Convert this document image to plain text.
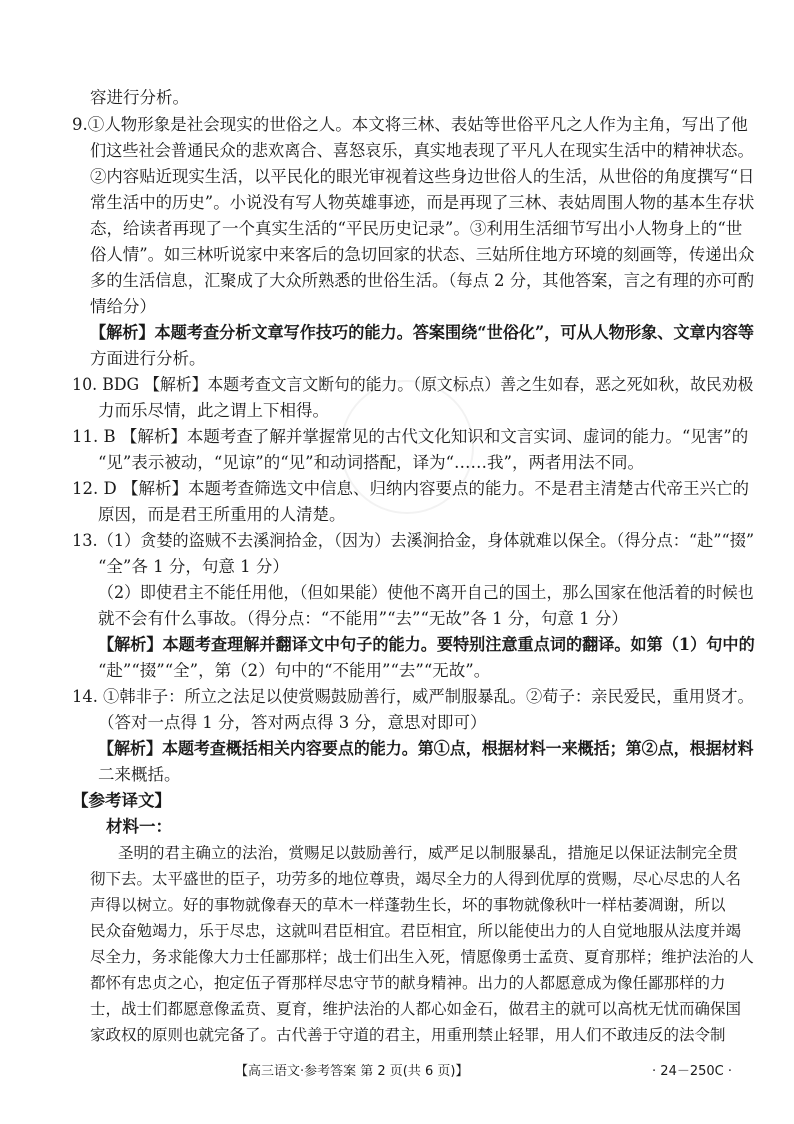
容进行分析。
9.①人物形象是社会现实的世俗之人。本文将三林、表姑等世俗平凡之人作为主角，写出了他
们这些社会普通民众的悲欢离合、喜怒哀乐，真实地表现了平凡人在现实生活中的精神状态。
②内容贴近现实生活，以平民化的眼光审视着这些身边世俗人的生活，从世俗的角度撰写“日
常生活中的历史”。小说没有写人物英雄事迹，而是再现了三林、表姑周围人物的基本生存状
态，给读者再现了一个真实生活的“平民历史记录”。③利用生活细节写出小人物身上的“世
俗人情”。如三林听说家中来客后的急切回家的状态、三姑所住地方环境的刻画等，传递出众
多的生活信息，汇聚成了大众所熟悉的世俗生活。（每点 2 分，其他答案，言之有理的亦可酌
情给分）
【解析】本题考查分析文章写作技巧的能力。答案围绕“世俗化”，可从人物形象、文章内容等
方面进行分析。
10. BDG 【解析】本题考查文言文断句的能力。（原文标点）善之生如春，恶之死如秋，故民劝极
力而乐尽情，此之谓上下相得。
11. B 【解析】本题考查了解并掌握常见的古代文化知识和文言实词、虚词的能力。“见害”的
“见”表示被动，“见谅”的“见”和动词搭配，译为“……我”，两者用法不同。
12. D 【解析】本题考查筛选文中信息、归纳内容要点的能力。不是君主清楚古代帝王兴亡的
原因，而是君王所重用的人清楚。
13.（1）贪婪的盗贼不去溪涧拾金，（因为）去溪涧拾金，身体就难以保全。（得分点：“赴”“掇”
“全”各 1 分，句意 1 分）
（2）即使君主不能任用他，（但如果能）使他不离开自己的国土，那么国家在他活着的时候也
就不会有什么事故。（得分点：“不能用”“去”“无故”各 1 分，句意 1 分）
【解析】本题考查理解并翻译文中句子的能力。要特别注意重点词的翻译。如第（1）句中的
“赴”“掇”“全”，第（2）句中的“不能用”“去”“无故”。
14. ①韩非子：所立之法足以使赏赐鼓励善行，威严制服暴乱。②荀子：亲民爱民，重用贤才。
（答对一点得 1 分，答对两点得 3 分，意思对即可）
【解析】本题考查概括相关内容要点的能力。第①点，根据材料一来概括；第②点，根据材料
二来概括。
【参考译文】
材料一：
圣明的君主确立的法治，赏赐足以鼓励善行，威严足以制服暴乱，措施足以保证法制完全贯
彻下去。太平盛世的臣子，功劳多的地位尊贵，竭尽全力的人得到优厚的赏赐，尽心尽忠的人名
声得以树立。好的事物就像春天的草木一样蓬勃生长，坏的事物就像秋叶一样枯萎凋谢，所以
民众奋勉竭力，乐于尽忠，这就叫君臣相宜。君臣相宜，所以能使出力的人自觉地服从法度并竭
尽全力，务求能像大力士任鄙那样；战士们出生入死，情愿像勇士孟贲、夏育那样；维护法治的人
都怀有忠贞之心，抱定伍子胥那样尽忠守节的献身精神。出力的人都愿意成为像任鄙那样的力
士，战士们都愿意像孟贲、夏育，维护法治的人都心如金石，做君主的就可以高枕无忧而确保国
家政权的原则也就完备了。古代善于守道的君主，用重刑禁止轻罪，用人们不敢违反的法令制
【高三语文·参考答案 第 2 页(共 6 页)】	· 24－250C ·
